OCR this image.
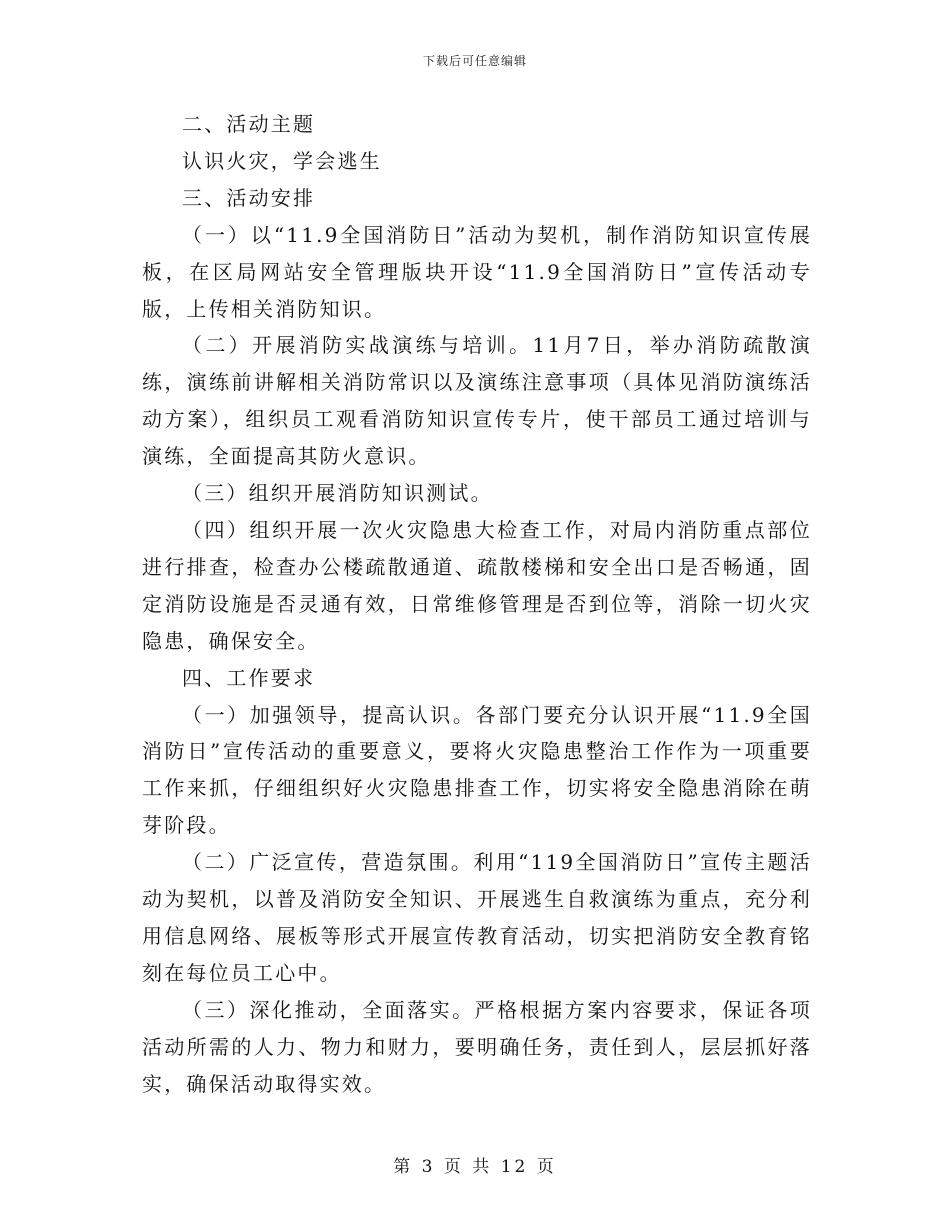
下载后可任意编辑

二、活动主题

认识火灾，学会逃生

三、活动安排

（一）以“11.9全国消防日”活动为契机，制作消防知识宣传展板，在区局网站安全管理版块开设“11.9全国消防日”宣传活动专版，上传相关消防知识。

（二）开展消防实战演练与培训。11月7日，举办消防疏散演练，演练前讲解相关消防常识以及演练注意事项（具体见消防演练活动方案），组织员工观看消防知识宣传专片，使干部员工通过培训与演练，全面提高其防火意识。

（三）组织开展消防知识测试。

（四）组织开展一次火灾隐患大检查工作，对局内消防重点部位进行排查，检查办公楼疏散通道、疏散楼梯和安全出口是否畅通，固定消防设施是否灵通有效，日常维修管理是否到位等，消除一切火灾隐患，确保安全。

四、工作要求

（一）加强领导，提高认识。各部门要充分认识开展“11.9全国消防日”宣传活动的重要意义，要将火灾隐患整治工作作为一项重要工作来抓，仔细组织好火灾隐患排查工作，切实将安全隐患消除在萌芽阶段。

（二）广泛宣传，营造氛围。利用“119全国消防日”宣传主题活动为契机，以普及消防安全知识、开展逃生自救演练为重点，充分利用信息网络、展板等形式开展宣传教育活动，切实把消防安全教育铭刻在每位员工心中。

（三）深化推动，全面落实。严格根据方案内容要求，保证各项活动所需的人力、物力和财力，要明确任务，责任到人，层层抓好落实，确保活动取得实效。

第 3 页 共 12 页
